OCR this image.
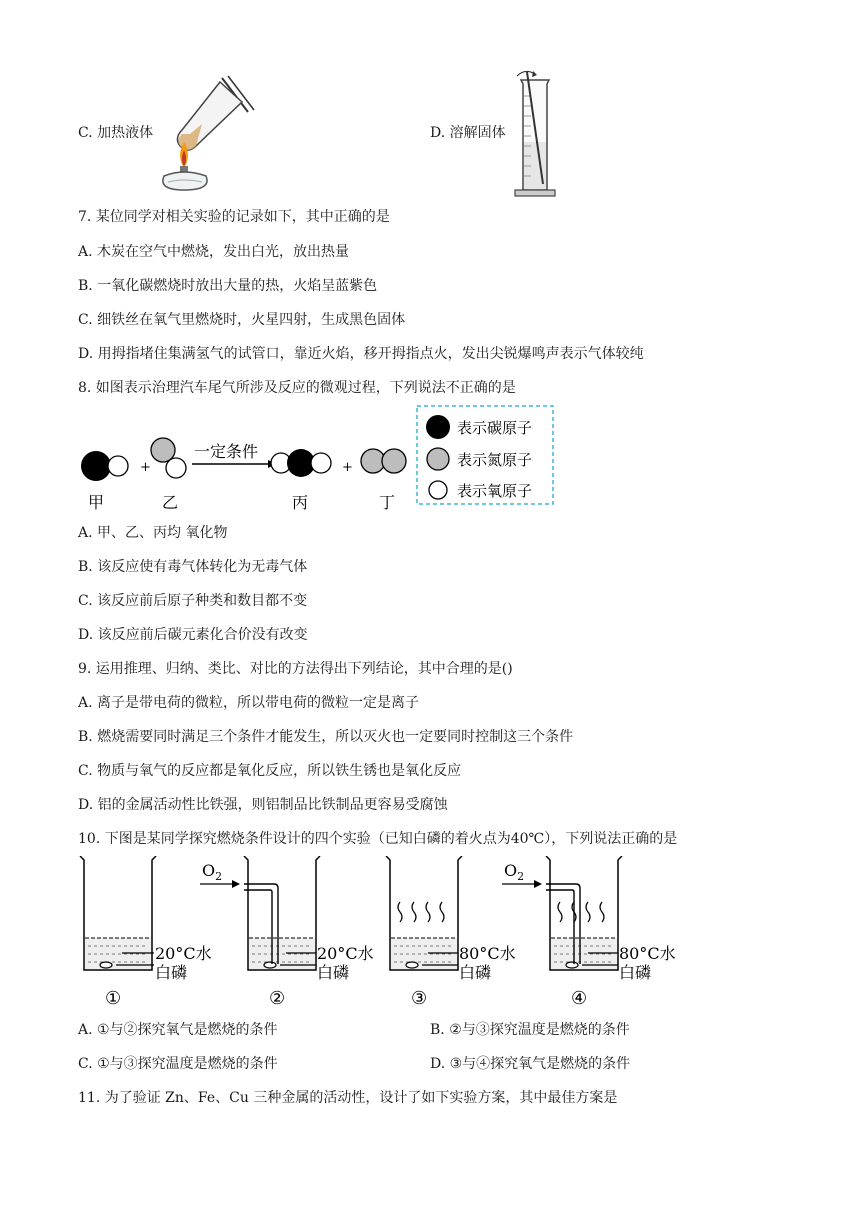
C. 加热液体	D. 溶解固体
7. 某位同学对相关实验的记录如下，其中正确的是
A. 木炭在空气中燃烧，发出白光，放出热量
B. 一氧化碳燃烧时放出大量的热，火焰呈蓝紫色
C. 细铁丝在氧气里燃烧时，火星四射，生成黑色固体
D. 用拇指堵住集满氢气的试管口，靠近火焰，移开拇指点火，发出尖锐爆鸣声表示气体较纯
8. 如图表示治理汽车尾气所涉及反应的微观过程，下列说法不正确的是
+
一定条件
+
甲	乙	丙	丁
表示碳原子
表示氮原子
表示氧原子
A. 甲、乙、丙均 氧化物
B. 该反应使有毒气体转化为无毒气体
C. 该反应前后原子种类和数目都不变
D. 该反应前后碳元素化合价没有改变
9. 运用推理、归纳、类比、对比的方法得出下列结论，其中合理的是()
A. 离子是带电荷的微粒，所以带电荷的微粒一定是离子
B. 燃烧需要同时满足三个条件才能发生，所以灭火也一定要同时控制这三个条件
C. 物质与氧气的反应都是氧化反应，所以铁生锈也是氧化反应
D. 铝的金属活动性比铁强，则铝制品比铁制品更容易受腐蚀
10. 下图是某同学探究燃烧条件设计的四个实验（已知白磷的着火点为40℃），下列说法正确的是
20°C水
白磷
①
$O_2$
20°C水
白磷
②
80°C水
白磷
③
$O_2$
80°C水
白磷
④
A. ①与②探究氧气是燃烧的条件	B. ②与③探究温度是燃烧的条件
C. ①与③探究温度是燃烧的条件	D. ③与④探究氧气是燃烧的条件
11. 为了验证 Zn、Fe、Cu 三种金属的活动性，设计了如下实验方案，其中最佳方案是
